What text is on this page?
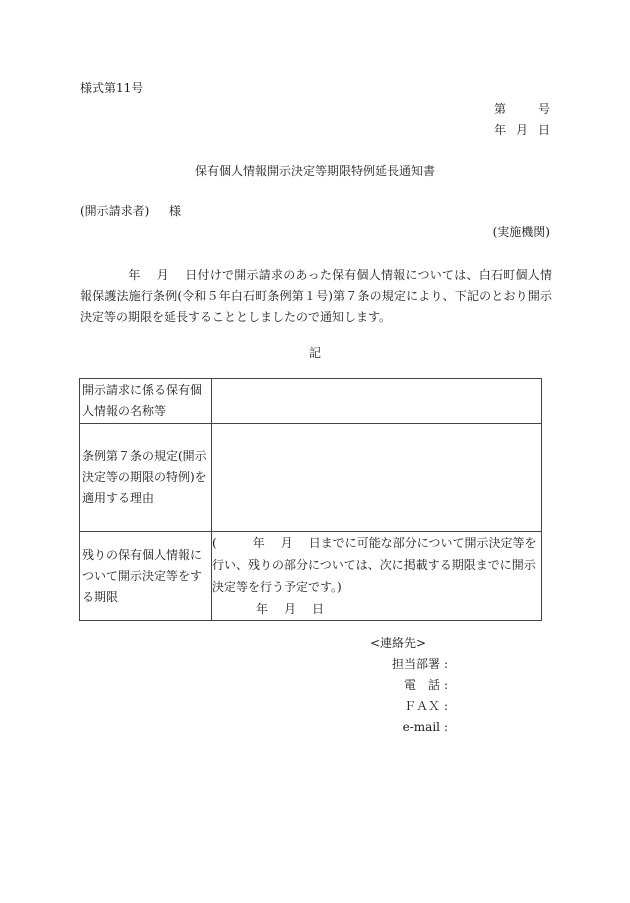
様式第11号
第	号
年 月 日
保有個人情報開示決定等期限特例延長通知書
(開示請求者) 様
(実施機関)
年 月 日付けで開示請求のあった保有個人情報については、白石町個人情報保護法施行条例(令和５年白石町条例第１号)第７条の規定により、下記のとおり開示決定等の期限を延長することとしましたので通知します。
記
開示請求に係る保有個人情報の名称等	
条例第７条の規定(開示決定等の期限の特例)を適用する理由	
残りの保有個人情報について開示決定等をする期限	( 年 月 日までに可能な部分について開示決定等を行い、残りの部分については、次に掲載する期限までに開示決定等を行う予定です。)
年 月 日
<連絡先>
担当部署 :
電　話 :
ＦＡＸ :
e-mail :
